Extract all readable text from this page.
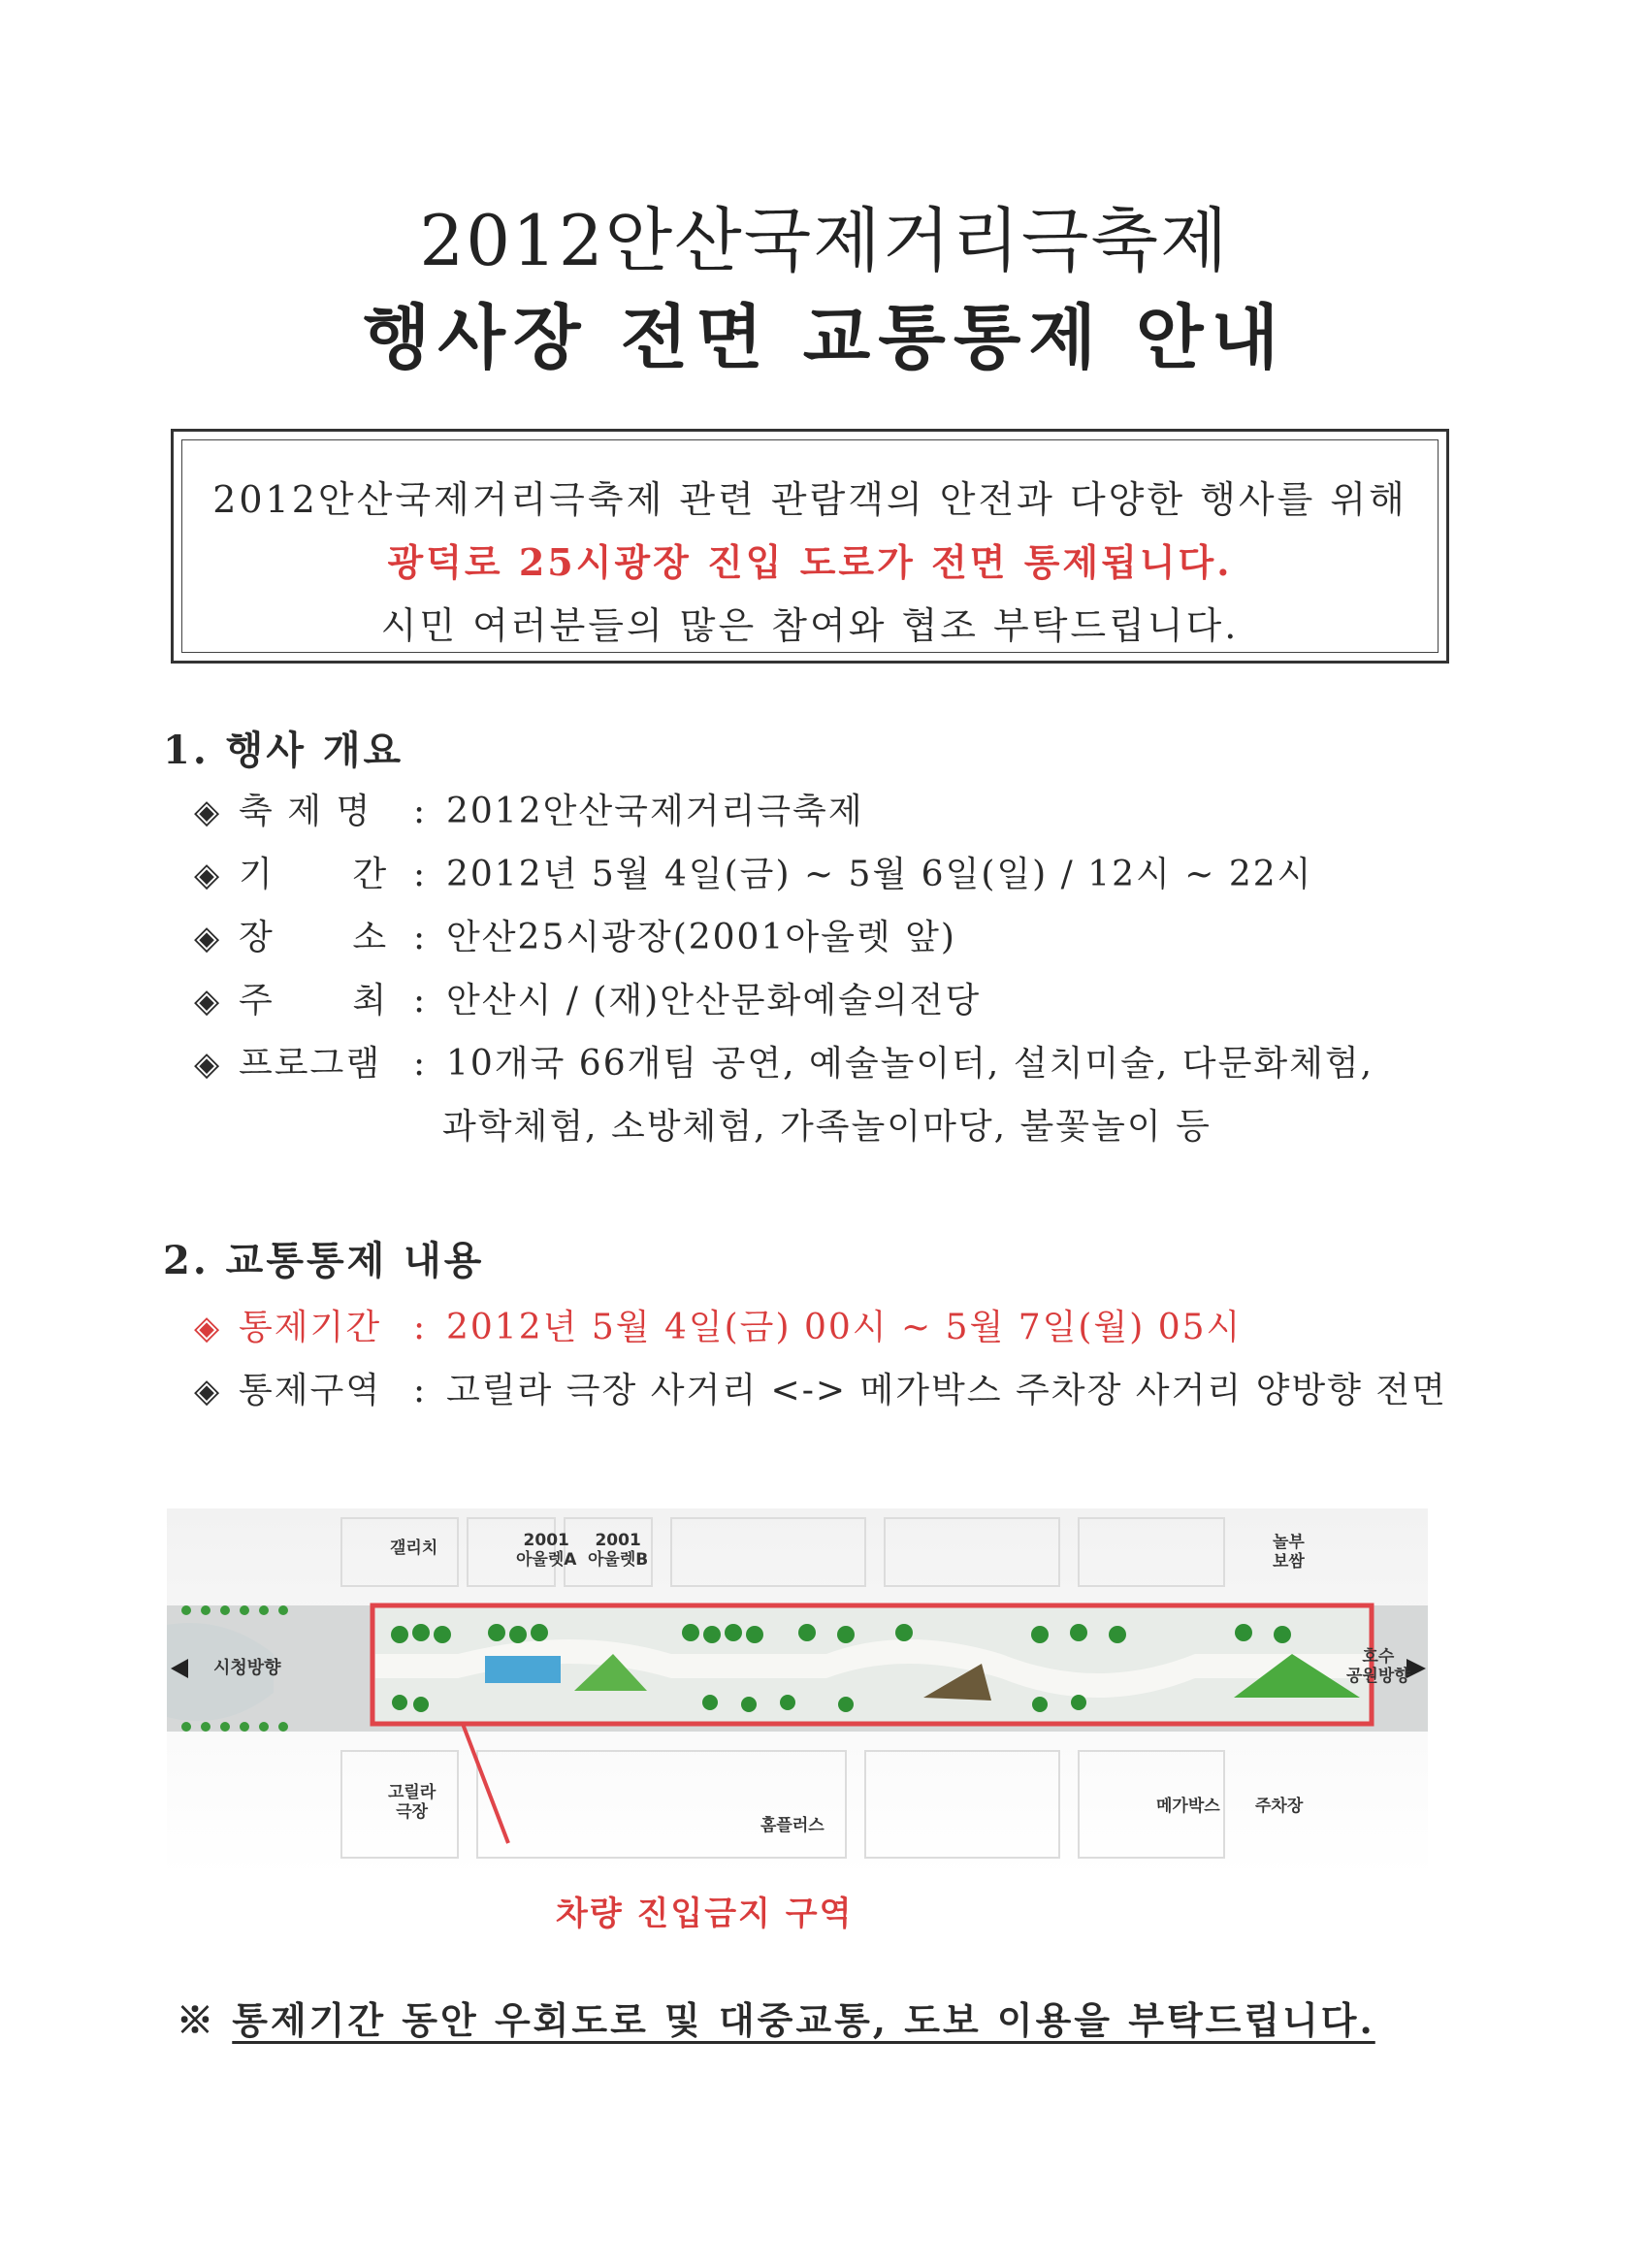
2012안산국제거리극축제
행사장 전면 교통통제 안내
2012안산국제거리극축제 관련 관람객의 안전과 다양한 행사를 위해
광덕로 25시광장 진입 도로가 전면 통제됩니다.
시민 여러분들의 많은 참여와 협조 부탁드립니다.
1. 행사 개요
◈ 축 제 명 : 2012안산국제거리극축제
◈ 기      간 : 2012년 5월 4일(금) ~ 5월 6일(일) / 12시 ~ 22시
◈ 장      소 : 안산25시광장(2001아울렛 앞)
◈ 주      최 : 안산시 / (재)안산문화예술의전당
◈ 프로그램 : 10개국 66개팀 공연, 예술놀이터, 설치미술, 다문화체험,
과학체험, 소방체험, 가족놀이마당, 불꽃놀이 등
2. 교통통제 내용
◈ 통제기간 : 2012년 5월 4일(금) 00시 ~ 5월 7일(월) 05시
◈ 통제구역 : 고릴라 극장 사거리 <-> 메가박스 주차장 사거리 양방향 전면
갤리치	2001
아울렛A
2001
아울렛B
놀부
보쌈
시청방향
호수
공원방향
고릴라
극장
홈플러스
메가박스 주차장
차량 진입금지 구역
※ 통제기간 동안 우회도로 및 대중교통, 도보 이용을 부탁드립니다.
